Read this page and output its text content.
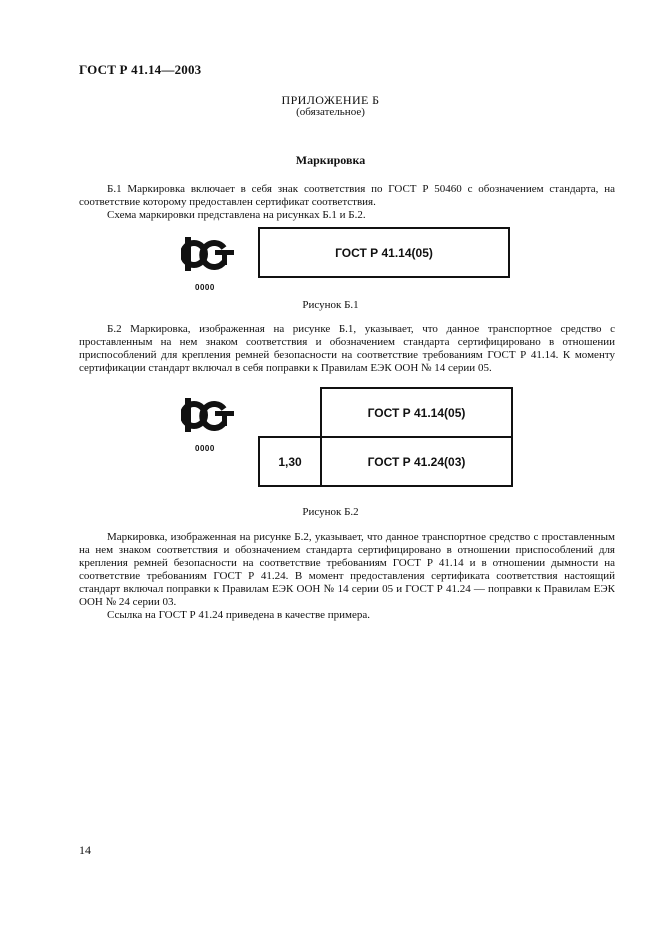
ГОСТ Р 41.14—2003
ПРИЛОЖЕНИЕ Б
(обязательное)
Маркировка
Б.1 Маркировка включает в себя знак соответствия по ГОСТ Р 50460 с обозначением стандарта, на соответствие которому предоставлен сертификат соответствия.
Схема маркировки представлена на рисунках Б.1 и Б.2.
0000
ГОСТ Р 41.14(05)
Рисунок Б.1
Б.2 Маркировка, изображенная на рисунке Б.1, указывает, что данное транспортное средство с проставленным на нем знаком соответствия и обозначением стандарта сертифицировано в отношении приспособлений для крепления ремней безопасности на соответствие требованиям ГОСТ Р 41.14. К моменту сертификации стандарт включал в себя поправки к Правилам ЕЭК ООН № 14 серии 05.
0000
ГОСТ Р 41.14(05)
1,30	ГОСТ Р 41.24(03)
Рисунок Б.2
Маркировка, изображенная на рисунке Б.2, указывает, что данное транспортное средство с проставленным на нем знаком соответствия и обозначением стандарта сертифицировано в отношении приспособлений для крепления ремней безопасности на соответствие требованиям ГОСТ Р 41.14 и в отношении дымности на соответствие требованиям ГОСТ Р 41.24. В момент предоставления сертификата соответствия настоящий стандарт включал поправки к Правилам ЕЭК ООН № 14 серии 05 и ГОСТ Р 41.24 — поправки к Правилам ЕЭК ООН № 24 серии 03.
Ссылка на ГОСТ Р 41.24 приведена в качестве примера.
14
